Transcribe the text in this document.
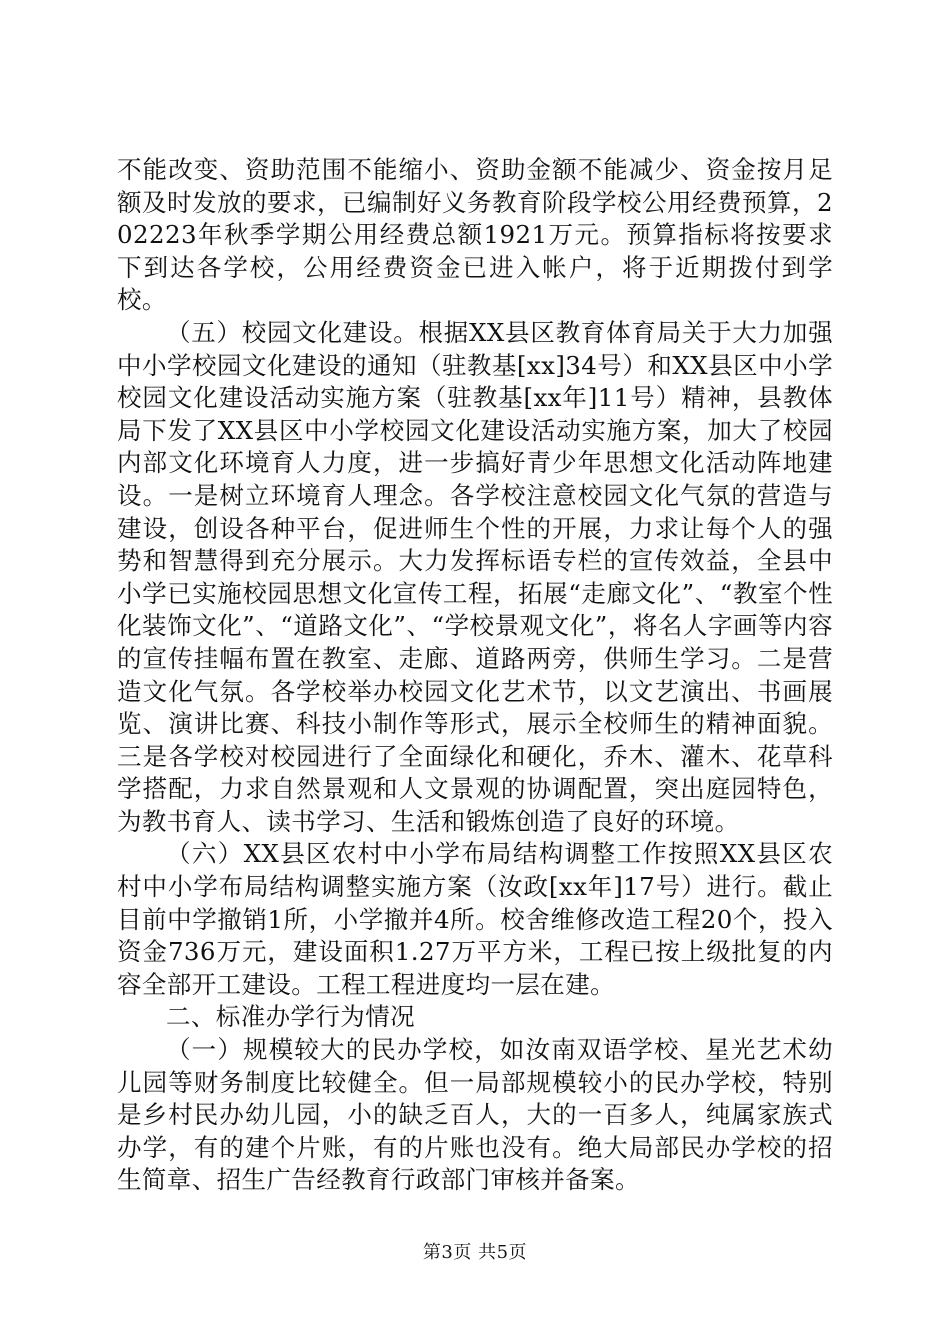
不能改变、资助范围不能缩小、资助金额不能减少、资金按月足额及时发放的要求，已编制好义务教育阶段学校公用经费预算，202223年秋季学期公用经费总额1921万元。预算指标将按要求下到达各学校，公用经费资金已进入帐户，将于近期拨付到学校。

（五）校园文化建设。根据XX县区教育体育局关于大力加强中小学校园文化建设的通知（驻教基[xx]34号）和XX县区中小学校园文化建设活动实施方案（驻教基[xx年]11号）精神，县教体局下发了XX县区中小学校园文化建设活动实施方案，加大了校园内部文化环境育人力度，进一步搞好青少年思想文化活动阵地建设。一是树立环境育人理念。各学校注意校园文化气氛的营造与建设，创设各种平台，促进师生个性的开展，力求让每个人的强势和智慧得到充分展示。大力发挥标语专栏的宣传效益，全县中小学已实施校园思想文化宣传工程，拓展“走廊文化”、“教室个性化装饰文化”、“道路文化”、“学校景观文化”，将名人字画等内容的宣传挂幅布置在教室、走廊、道路两旁，供师生学习。二是营造文化气氛。各学校举办校园文化艺术节，以文艺演出、书画展览、演讲比赛、科技小制作等形式，展示全校师生的精神面貌。三是各学校对校园进行了全面绿化和硬化，乔木、灌木、花草科学搭配，力求自然景观和人文景观的协调配置，突出庭园特色，为教书育人、读书学习、生活和锻炼创造了良好的环境。

（六）XX县区农村中小学布局结构调整工作按照XX县区农村中小学布局结构调整实施方案（汝政[xx年]17号）进行。截止目前中学撤销1所，小学撤并4所。校舍维修改造工程20个，投入资金736万元，建设面积1.27万平方米，工程已按上级批复的内容全部开工建设。工程工程进度均一层在建。

二、标准办学行为情况

（一）规模较大的民办学校，如汝南双语学校、星光艺术幼儿园等财务制度比较健全。但一局部规模较小的民办学校，特别是乡村民办幼儿园，小的缺乏百人，大的一百多人，纯属家族式办学，有的建个片账，有的片账也没有。绝大局部民办学校的招生简章、招生广告经教育行政部门审核并备案。

第3页 共5页
